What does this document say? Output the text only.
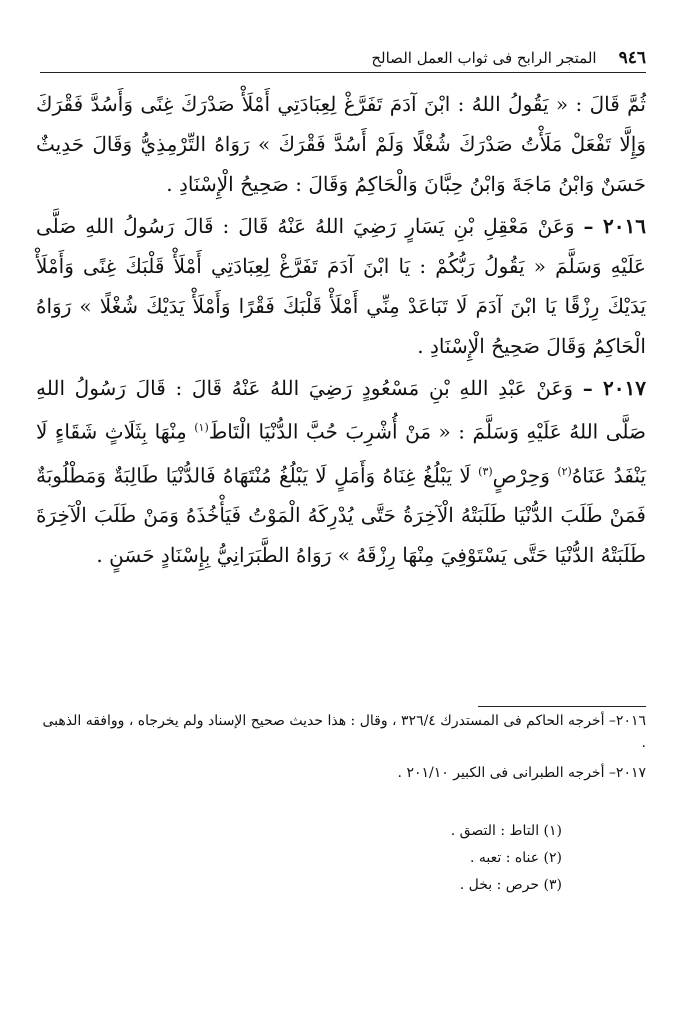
٩٤٦
المتجر الرابح فى ثواب العمل الصالح

ثُمَّ قَالَ : « يَقُولُ اللهُ : ابْنَ آدَمَ تَفَرَّغْ لِعِبَادَتِي أَمْلَأْ صَدْرَكَ غِنًى وَأَسُدَّ فَقْرَكَ وَإِلَّا تَفْعَلْ مَلَأْتُ صَدْرَكَ شُغْلًا وَلَمْ أَسُدَّ فَقْرَكَ » رَوَاهُ التِّرْمِذِيُّ وَقَالَ حَدِيثٌ حَسَنٌ وَابْنُ مَاجَةَ وَابْنُ حِبَّانَ وَالْحَاكِمُ وَقَالَ : صَحِيحُ الْإِسْنَادِ .

٢٠١٦ – وَعَنْ مَعْقِلِ بْنِ يَسَارٍ رَضِيَ اللهُ عَنْهُ قَالَ : قَالَ رَسُولُ اللهِ صَلَّى عَلَيْهِ وَسَلَّمَ « يَقُولُ رَبُّكُمْ : يَا ابْنَ آدَمَ تَفَرَّغْ لِعِبَادَتِي أَمْلَأْ قَلْبَكَ غِنًى وَأَمْلَأْ يَدَيْكَ رِزْقًا يَا ابْنَ آدَمَ لَا تَبَاعَدْ مِنِّي أَمْلَأْ قَلْبَكَ فَقْرًا وَأَمْلَأْ يَدَيْكَ شُغْلًا » رَوَاهُ الْحَاكِمُ وَقَالَ صَحِيحُ الْإِسْنَادِ .

٢٠١٧ – وَعَنْ عَبْدِ اللهِ بْنِ مَسْعُودٍ رَضِيَ اللهُ عَنْهُ قَالَ : قَالَ رَسُولُ اللهِ صَلَّى اللهُ عَلَيْهِ وَسَلَّمَ : « مَنْ أُشْرِبَ حُبَّ الدُّنْيَا الْتَاطَ$^{(١)}$ مِنْهَا بِثَلَاثٍ شَقَاءٍ لَا يَنْفَدُ عَنَاهُ$^{(٢)}$ وَحِرْصٍ$^{(٣)}$ لَا يَبْلُغُ غِنَاهُ وَأَمَلٍ لَا يَبْلُغُ مُنْتَهَاهُ فَالدُّنْيَا طَالِبَةٌ وَمَطْلُوبَةٌ فَمَنْ طَلَبَ الدُّنْيَا طَلَبَتْهُ الْآخِرَةُ حَتَّى يُدْرِكَهُ الْمَوْتُ فَيَأْخُذَهُ وَمَنْ طَلَبَ الْآخِرَةَ طَلَبَتْهُ الدُّنْيَا حَتَّى يَسْتَوْفِيَ مِنْهَا رِزْقَهُ » رَوَاهُ الطَّبَرَانِيُّ بِإِسْنَادٍ حَسَنٍ .

٢٠١٦– أخرجه الحاكم فى المستدرك ٣٢٦/٤ ، وقال : هذا حديث صحيح الإسناد ولم يخرجاه ، ووافقه الذهبى .

٢٠١٧– أخرجه الطبرانى فى الكبير ٢٠١/١٠ .

(١) التاط : التصق .
(٢) عناه : تعبه .
(٣) حرص : بخل .
